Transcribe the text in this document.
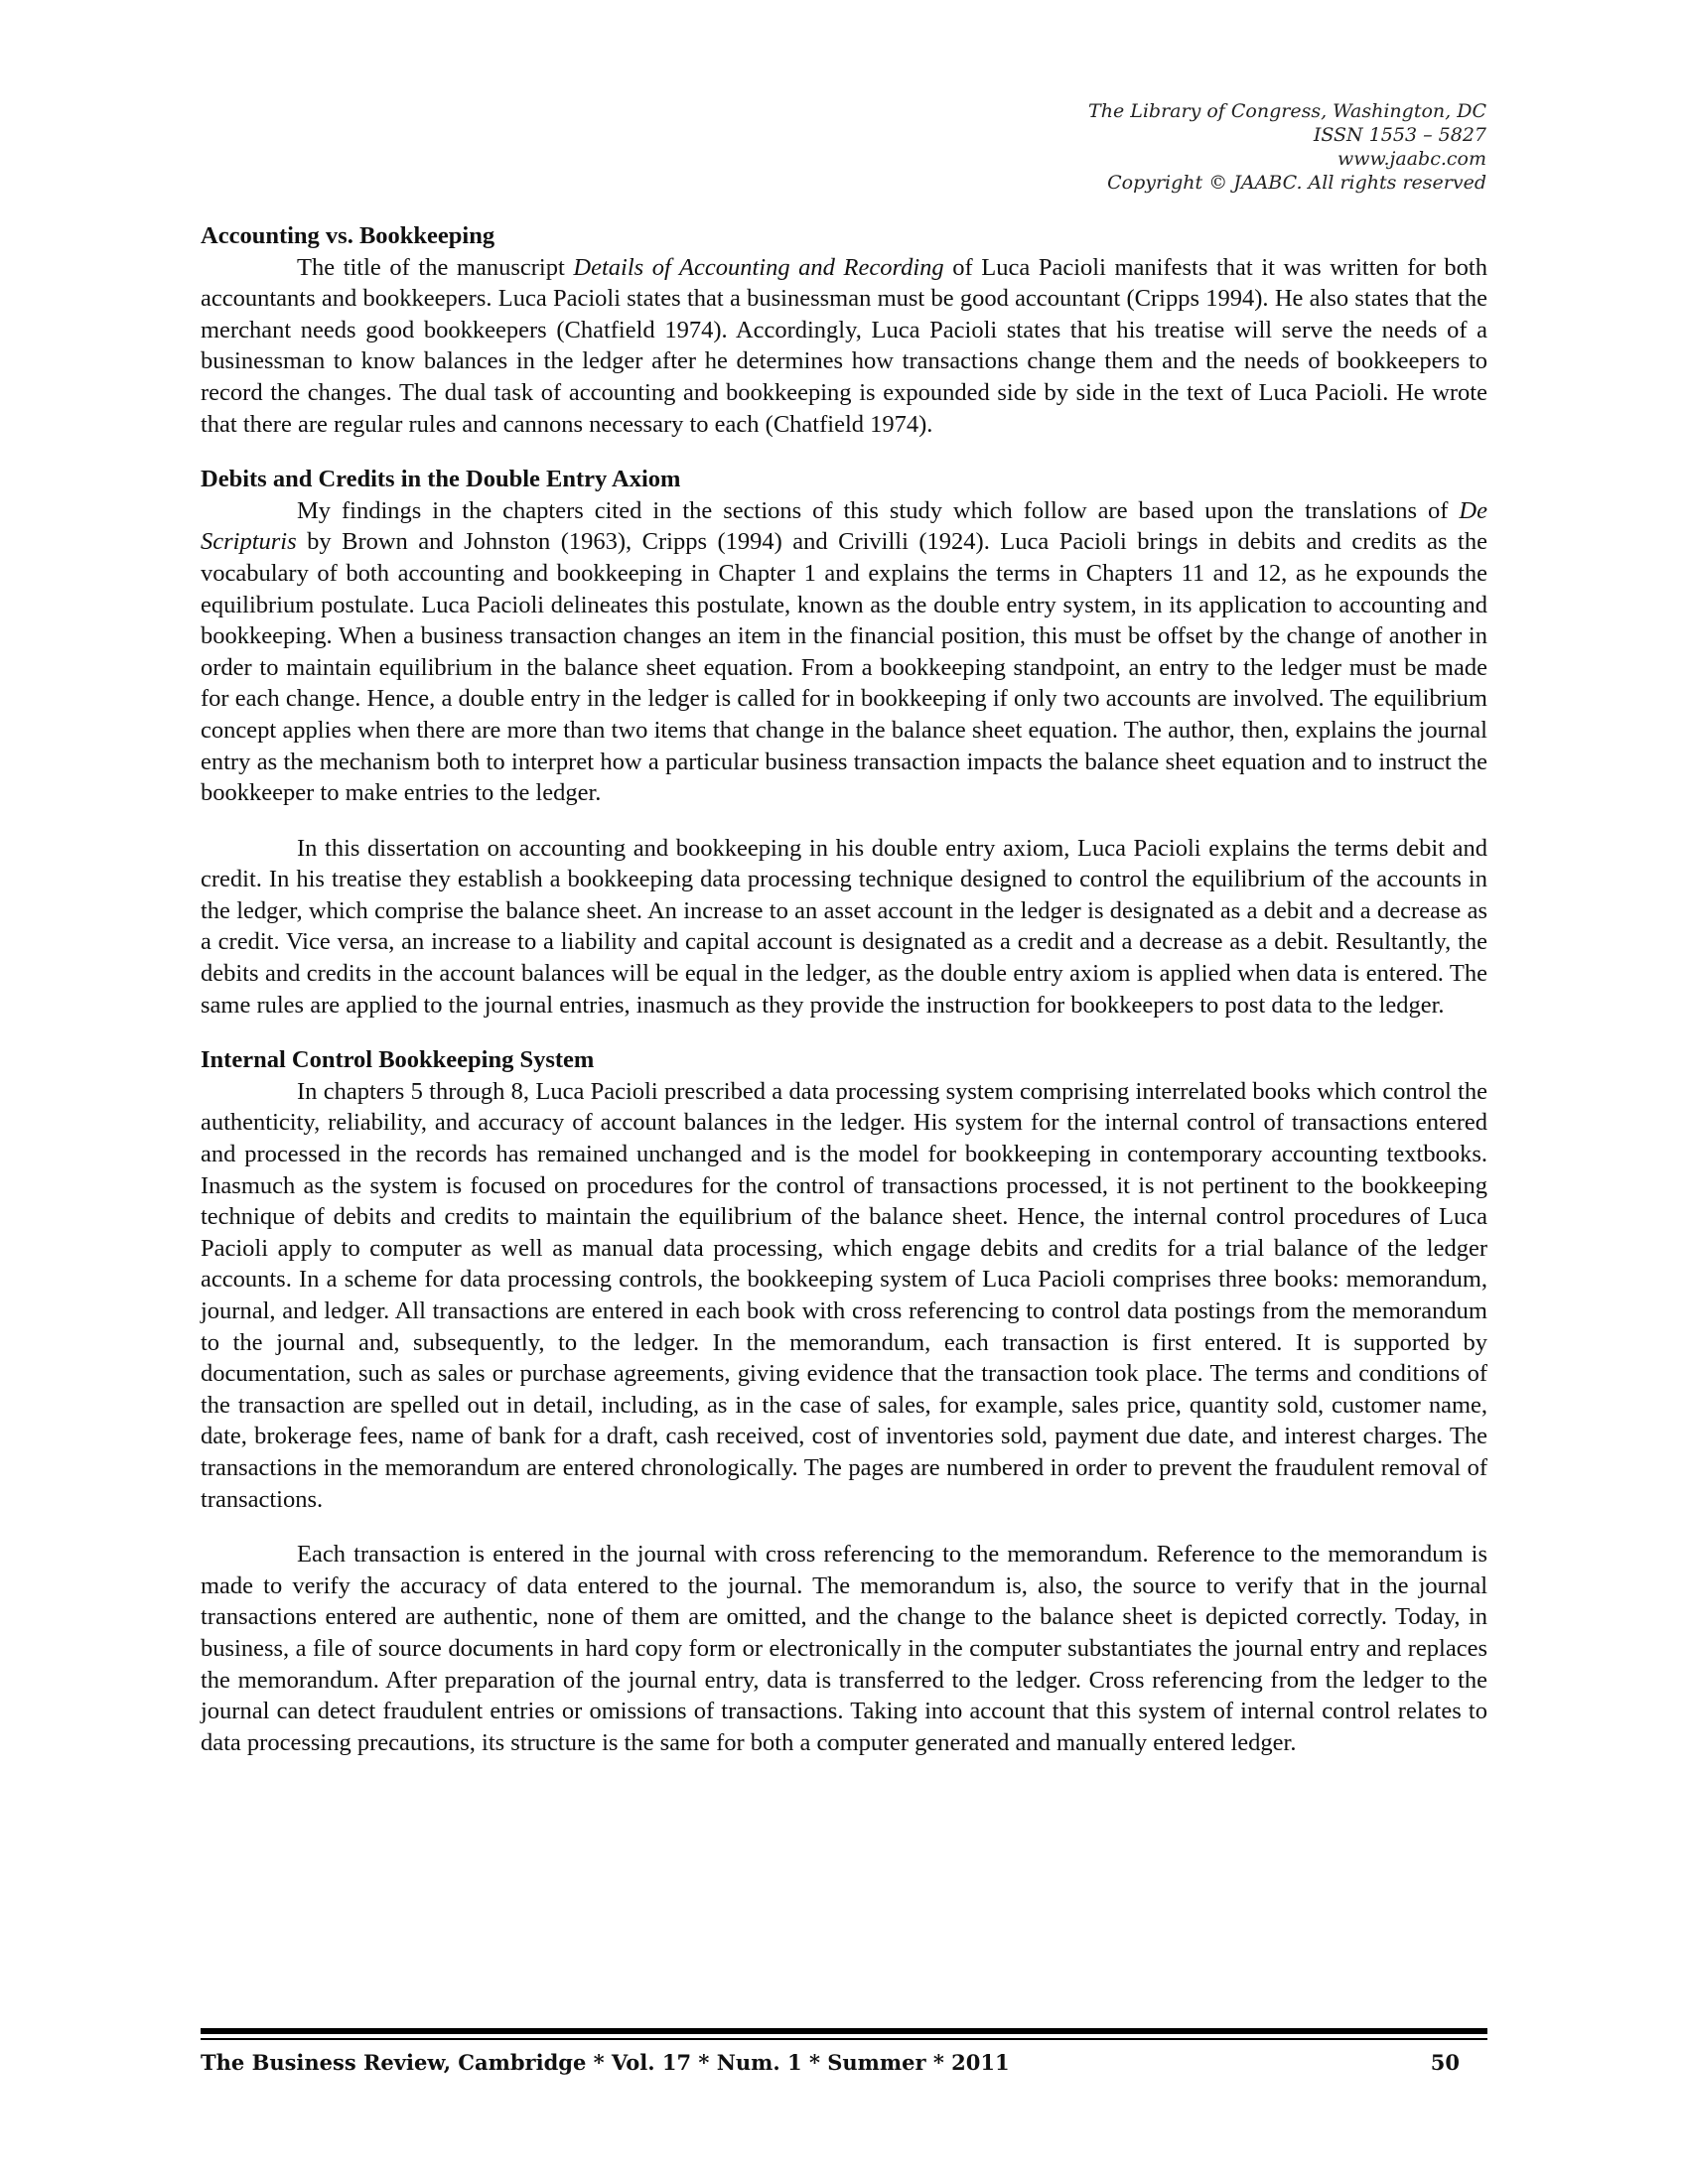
The Library of Congress, Washington, DC
ISSN 1553 – 5827
www.jaabc.com
Copyright © JAABC. All rights reserved

Accounting vs. Bookkeeping

The title of the manuscript Details of Accounting and Recording of Luca Pacioli manifests that it was written for both accountants and bookkeepers. Luca Pacioli states that a businessman must be good accountant (Cripps 1994). He also states that the merchant needs good bookkeepers (Chatfield 1974). Accordingly, Luca Pacioli states that his treatise will serve the needs of a businessman to know balances in the ledger after he determines how transactions change them and the needs of bookkeepers to record the changes. The dual task of accounting and bookkeeping is expounded side by side in the text of Luca Pacioli. He wrote that there are regular rules and cannons necessary to each (Chatfield 1974).

Debits and Credits in the Double Entry Axiom

My findings in the chapters cited in the sections of this study which follow are based upon the translations of De Scripturis by Brown and Johnston (1963), Cripps (1994) and Crivilli (1924). Luca Pacioli brings in debits and credits as the vocabulary of both accounting and bookkeeping in Chapter 1 and explains the terms in Chapters 11 and 12, as he expounds the equilibrium postulate. Luca Pacioli delineates this postulate, known as the double entry system, in its application to accounting and bookkeeping. When a business transaction changes an item in the financial position, this must be offset by the change of another in order to maintain equilibrium in the balance sheet equation. From a bookkeeping standpoint, an entry to the ledger must be made for each change. Hence, a double entry in the ledger is called for in bookkeeping if only two accounts are involved. The equilibrium concept applies when there are more than two items that change in the balance sheet equation. The author, then, explains the journal entry as the mechanism both to interpret how a particular business transaction impacts the balance sheet equation and to instruct the bookkeeper to make entries to the ledger.

In this dissertation on accounting and bookkeeping in his double entry axiom, Luca Pacioli explains the terms debit and credit. In his treatise they establish a bookkeeping data processing technique designed to control the equilibrium of the accounts in the ledger, which comprise the balance sheet. An increase to an asset account in the ledger is designated as a debit and a decrease as a credit. Vice versa, an increase to a liability and capital account is designated as a credit and a decrease as a debit. Resultantly, the debits and credits in the account balances will be equal in the ledger, as the double entry axiom is applied when data is entered. The same rules are applied to the journal entries, inasmuch as they provide the instruction for bookkeepers to post data to the ledger.

Internal Control Bookkeeping System

In chapters 5 through 8, Luca Pacioli prescribed a data processing system comprising interrelated books which control the authenticity, reliability, and accuracy of account balances in the ledger. His system for the internal control of transactions entered and processed in the records has remained unchanged and is the model for bookkeeping in contemporary accounting textbooks. Inasmuch as the system is focused on procedures for the control of transactions processed, it is not pertinent to the bookkeeping technique of debits and credits to maintain the equilibrium of the balance sheet. Hence, the internal control procedures of Luca Pacioli apply to computer as well as manual data processing, which engage debits and credits for a trial balance of the ledger accounts. In a scheme for data processing controls, the bookkeeping system of Luca Pacioli comprises three books: memorandum, journal, and ledger. All transactions are entered in each book with cross referencing to control data postings from the memorandum to the journal and, subsequently, to the ledger. In the memorandum, each transaction is first entered. It is supported by documentation, such as sales or purchase agreements, giving evidence that the transaction took place. The terms and conditions of the transaction are spelled out in detail, including, as in the case of sales, for example, sales price, quantity sold, customer name, date, brokerage fees, name of bank for a draft, cash received, cost of inventories sold, payment due date, and interest charges. The transactions in the memorandum are entered chronologically. The pages are numbered in order to prevent the fraudulent removal of transactions.

Each transaction is entered in the journal with cross referencing to the memorandum. Reference to the memorandum is made to verify the accuracy of data entered to the journal. The memorandum is, also, the source to verify that in the journal transactions entered are authentic, none of them are omitted, and the change to the balance sheet is depicted correctly. Today, in business, a file of source documents in hard copy form or electronically in the computer substantiates the journal entry and replaces the memorandum. After preparation of the journal entry, data is transferred to the ledger. Cross referencing from the ledger to the journal can detect fraudulent entries or omissions of transactions. Taking into account that this system of internal control relates to data processing precautions, its structure is the same for both a computer generated and manually entered ledger.

The Business Review, Cambridge * Vol. 17 * Num. 1 * Summer * 2011	50
